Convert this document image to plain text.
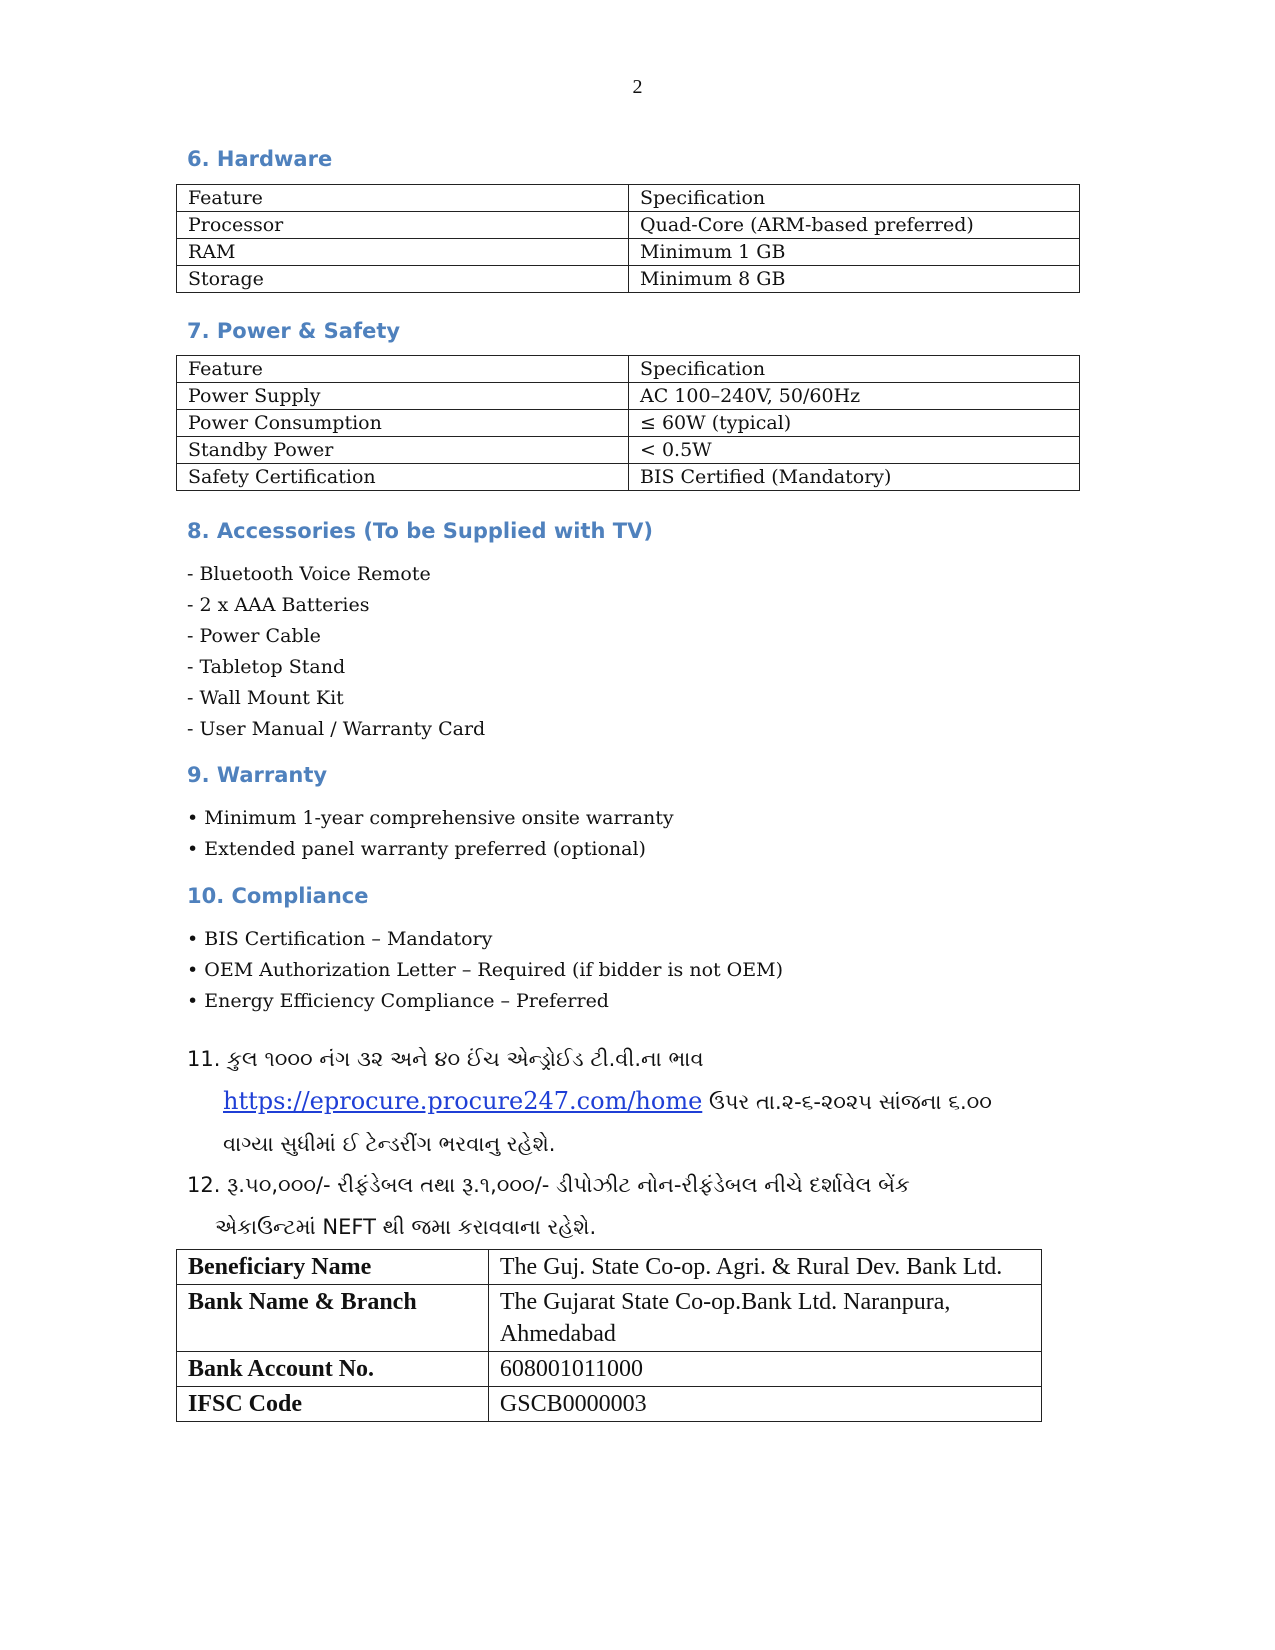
2
6. Hardware
Feature	Specification
Processor	Quad-Core (ARM-based preferred)
RAM	Minimum 1 GB
Storage	Minimum 8 GB
7. Power & Safety
Feature	Specification
Power Supply	AC 100–240V, 50/60Hz
Power Consumption	≤ 60W (typical)
Standby Power	< 0.5W
Safety Certification	BIS Certified (Mandatory)
8. Accessories (To be Supplied with TV)
- Bluetooth Voice Remote
- 2 x AAA Batteries
- Power Cable
- Tabletop Stand
- Wall Mount Kit
- User Manual / Warranty Card
9. Warranty
• Minimum 1-year comprehensive onsite warranty
• Extended panel warranty preferred (optional)
10. Compliance
• BIS Certification – Mandatory
• OEM Authorization Letter – Required (if bidder is not OEM)
• Energy Efficiency Compliance – Preferred
11. કુલ ૧૦૦૦ નંગ ૩૨ અને ૪૦ ઈંચ એન્ડ્રોઈડ ટી.વી.ના ભાવ
https://eprocure.procure247.com/home ઉપર તા.૨-૬-૨૦૨૫ સાંજના ૬.૦૦
વાગ્યા સુધીમાં ઈ ટેન્ડરીંગ ભરવાનુ રહેશે.
12. રૂ.૫૦,૦૦૦/- રીફંડેબલ તથા રૂ.૧,૦૦૦/- ડીપોઝીટ નોન-રીફંડેબલ નીચે દર્શાવેલ બેંક
એકાઉન્ટમાં NEFT થી જમા કરાવવાના રહેશે.
Beneficiary Name	The Guj. State Co-op. Agri. & Rural Dev. Bank Ltd.
Bank Name & Branch	The Gujarat State Co-op.Bank Ltd. Naranpura, Ahmedabad
Bank Account No.	608001011000
IFSC Code	GSCB0000003
